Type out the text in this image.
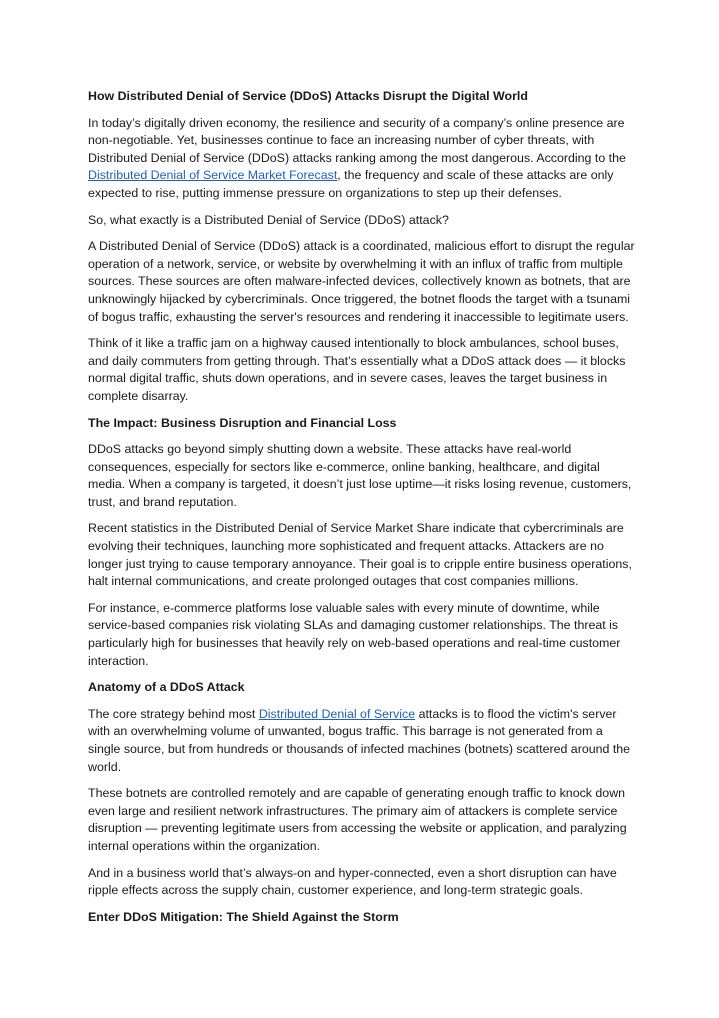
How Distributed Denial of Service (DDoS) Attacks Disrupt the Digital World

In today’s digitally driven economy, the resilience and security of a company’s online presence are non-negotiable. Yet, businesses continue to face an increasing number of cyber threats, with Distributed Denial of Service (DDoS) attacks ranking among the most dangerous. According to the Distributed Denial of Service Market Forecast, the frequency and scale of these attacks are only expected to rise, putting immense pressure on organizations to step up their defenses.

So, what exactly is a Distributed Denial of Service (DDoS) attack?

A Distributed Denial of Service (DDoS) attack is a coordinated, malicious effort to disrupt the regular operation of a network, service, or website by overwhelming it with an influx of traffic from multiple sources. These sources are often malware-infected devices, collectively known as botnets, that are unknowingly hijacked by cybercriminals. Once triggered, the botnet floods the target with a tsunami of bogus traffic, exhausting the server's resources and rendering it inaccessible to legitimate users.

Think of it like a traffic jam on a highway caused intentionally to block ambulances, school buses, and daily commuters from getting through. That’s essentially what a DDoS attack does — it blocks normal digital traffic, shuts down operations, and in severe cases, leaves the target business in complete disarray.

The Impact: Business Disruption and Financial Loss

DDoS attacks go beyond simply shutting down a website. These attacks have real-world consequences, especially for sectors like e-commerce, online banking, healthcare, and digital media. When a company is targeted, it doesn’t just lose uptime—it risks losing revenue, customers, trust, and brand reputation.

Recent statistics in the Distributed Denial of Service Market Share indicate that cybercriminals are evolving their techniques, launching more sophisticated and frequent attacks. Attackers are no longer just trying to cause temporary annoyance. Their goal is to cripple entire business operations, halt internal communications, and create prolonged outages that cost companies millions.

For instance, e-commerce platforms lose valuable sales with every minute of downtime, while service-based companies risk violating SLAs and damaging customer relationships. The threat is particularly high for businesses that heavily rely on web-based operations and real-time customer interaction.

Anatomy of a DDoS Attack

The core strategy behind most Distributed Denial of Service attacks is to flood the victim's server with an overwhelming volume of unwanted, bogus traffic. This barrage is not generated from a single source, but from hundreds or thousands of infected machines (botnets) scattered around the world.

These botnets are controlled remotely and are capable of generating enough traffic to knock down even large and resilient network infrastructures. The primary aim of attackers is complete service disruption — preventing legitimate users from accessing the website or application, and paralyzing internal operations within the organization.

And in a business world that’s always-on and hyper-connected, even a short disruption can have ripple effects across the supply chain, customer experience, and long-term strategic goals.

Enter DDoS Mitigation: The Shield Against the Storm
